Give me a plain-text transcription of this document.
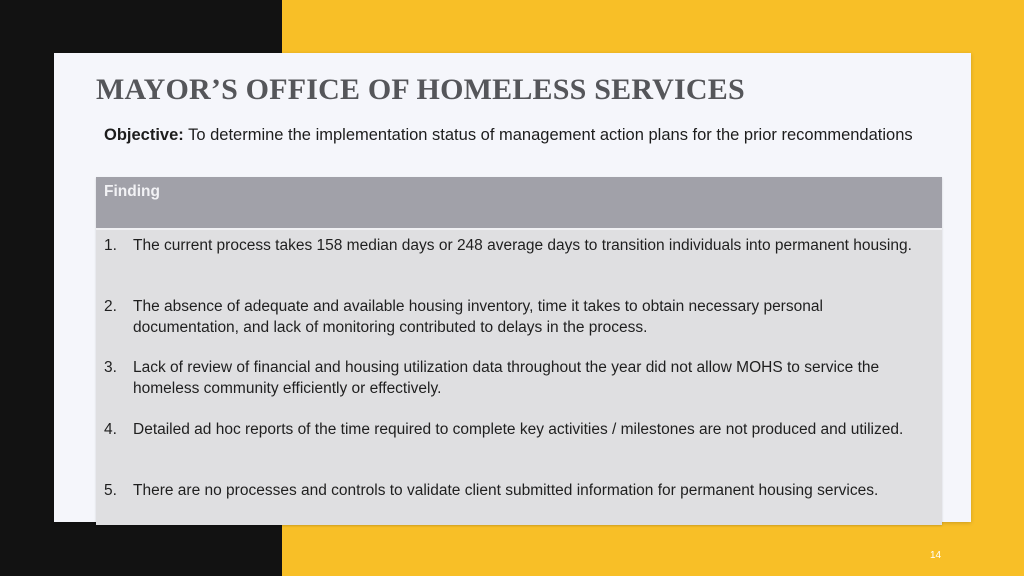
MAYOR’S OFFICE OF HOMELESS SERVICES

Objective: To determine the implementation status of management action plans for the prior recommendations

Finding
1. The current process takes 158 median days or 248 average days to transition individuals into permanent housing.
2. The absence of adequate and available housing inventory, time it takes to obtain necessary personal documentation, and lack of monitoring contributed to delays in the process.
3. Lack of review of financial and housing utilization data throughout the year did not allow MOHS to service the homeless community efficiently or effectively.
4. Detailed ad hoc reports of the time required to complete key activities / milestones are not produced and utilized.
5. There are no processes and controls to validate client submitted information for permanent housing services.
14
